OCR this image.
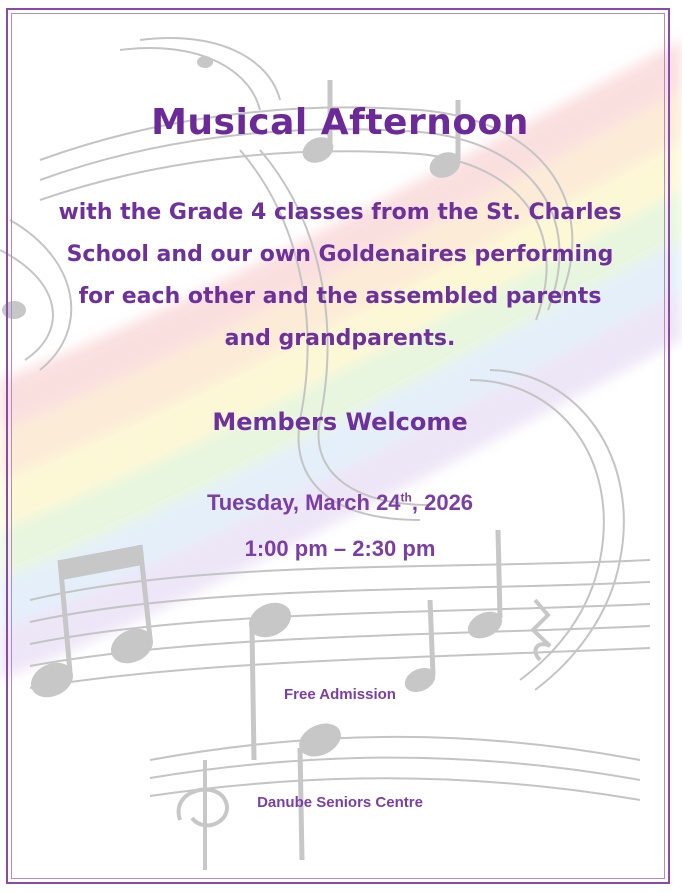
Musical Afternoon

with the Grade 4 classes from the St. Charles School and our own Goldenaires performing for each other and the assembled parents and grandparents.

Members Welcome

Tuesday, March 24th, 2026

1:00 pm – 2:30 pm

Free Admission

Danube Seniors Centre
